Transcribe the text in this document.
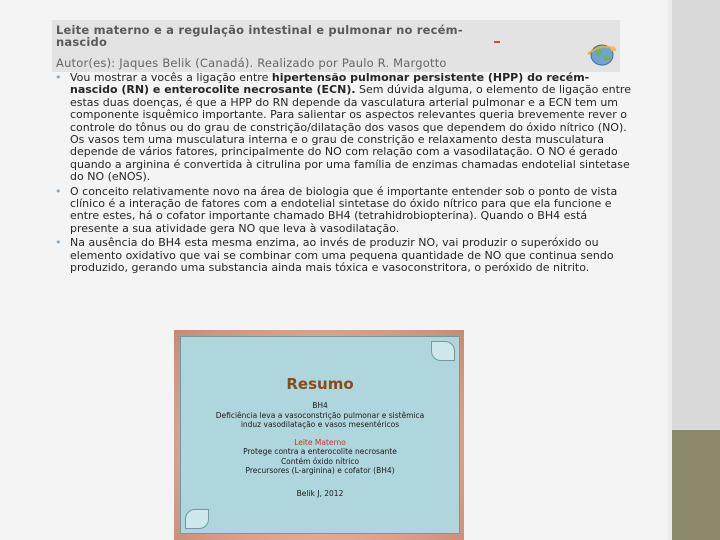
Leite materno e a regulação intestinal e pulmonar no recém-nascido
Autor(es): Jaques Belik (Canadá). Realizado por Paulo R. Margotto
• Vou mostrar a vocês a ligação entre hipertensão pulmonar persistente (HPP) do recém-nascido (RN) e enterocolite necrosante (ECN). Sem dúvida alguma, o elemento de ligação entre estas duas doenças, é que a HPP do RN depende da vasculatura arterial pulmonar e a ECN tem um componente isquêmico importante. Para salientar os aspectos relevantes queria brevemente rever o controle do tônus ou do grau de constrição/dilatação dos vasos que dependem do óxido nítrico (NO). Os vasos tem uma musculatura interna e o grau de constrição e relaxamento desta musculatura depende de vários fatores, principalmente do NO com relação com a vasodilatação. O NO é gerado quando a arginina é convertida à citrulina por uma família de enzimas chamadas endotelial sintetase do NO (eNOS).
• O conceito relativamente novo na área de biologia que é importante entender sob o ponto de vista clínico é a interação de fatores com a endotelial sintetase do óxido nítrico para que ela funcione e entre estes, há o cofator importante chamado BH4 (tetrahidrobiopterina). Quando o BH4 está presente a sua atividade gera NO que leva à vasodilatação.
• Na ausência do BH4 esta mesma enzima, ao invés de produzir NO, vai produzir o superóxido ou elemento oxidativo que vai se combinar com uma pequena quantidade de NO que continua sendo produzido, gerando uma substancia ainda mais tóxica e vasoconstritora, o peróxido de nitrito.
Resumo
BH4
Deficiência leva a vasoconstrição pulmonar e sistêmica
induz vasodilatação e vasos mesentéricos
Leite Materno
Protege contra a enterocolite necrosante
Contém óxido nítrico
Precursores (L-arginina) e cofator (BH4)
Belik J, 2012
